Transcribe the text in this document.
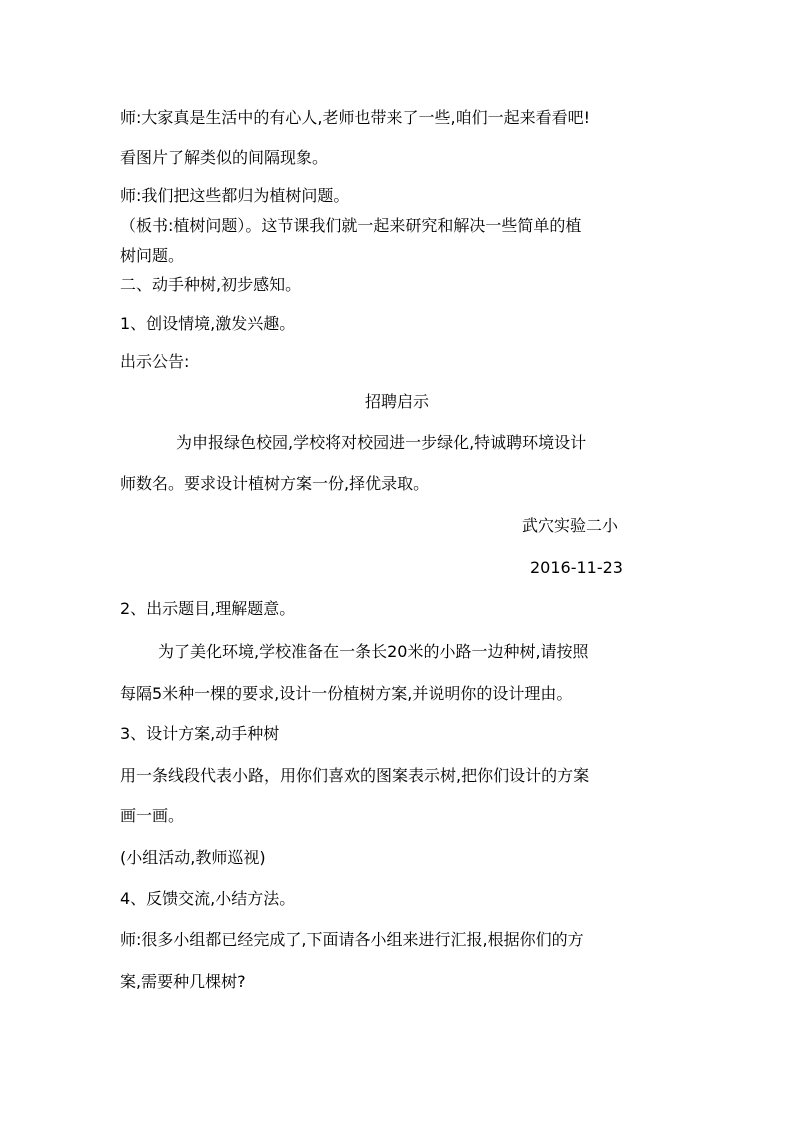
师:大家真是生活中的有心人,老师也带来了一些,咱们一起来看看吧!

看图片了解类似的间隔现象。

师:我们把这些都归为植树问题。

（板书:植树问题）。这节课我们就一起来研究和解决一些简单的植

树问题。

二、动手种树,初步感知。

1、创设情境,激发兴趣。

出示公告:

招聘启示

为申报绿色校园,学校将对校园进一步绿化,特诚聘环境设计

师数名。要求设计植树方案一份,择优录取。

武穴实验二小

2016-11-23

2、出示题目,理解题意。

为了美化环境,学校准备在一条长20米的小路一边种树,请按照

每隔5米种一棵的要求,设计一份植树方案,并说明你的设计理由。

3、设计方案,动手种树

用一条线段代表小路，用你们喜欢的图案表示树,把你们设计的方案

画一画。

(小组活动,教师巡视)

4、反馈交流,小结方法。

师:很多小组都已经完成了,下面请各小组来进行汇报,根据你们的方

案,需要种几棵树?
